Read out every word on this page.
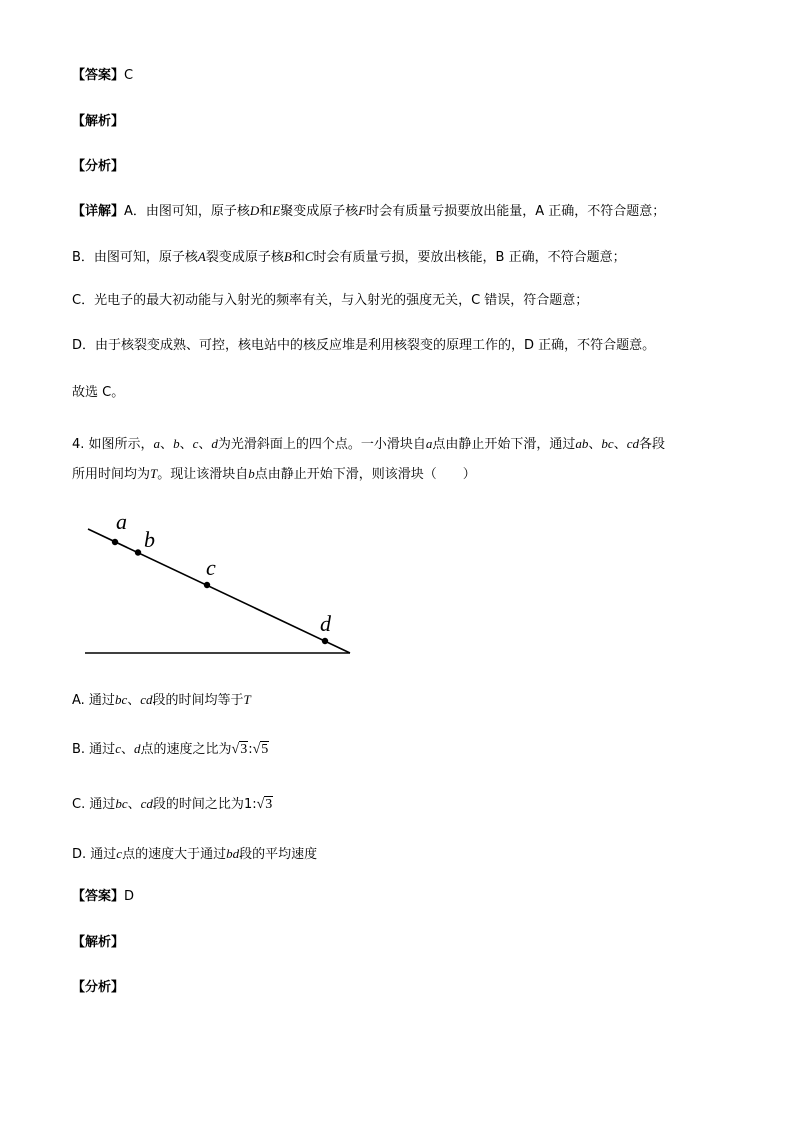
【答案】C
【解析】
【分析】
【详解】A．由图可知，原子核D和E聚变成原子核F时会有质量亏损要放出能量，A 正确，不符合题意；
B．由图可知，原子核A裂变成原子核B和C时会有质量亏损，要放出核能，B 正确，不符合题意；
C．光电子的最大初动能与入射光的频率有关，与入射光的强度无关，C 错误，符合题意；
D．由于核裂变成熟、可控，核电站中的核反应堆是利用核裂变的原理工作的，D 正确，不符合题意。
故选 C。
4. 如图所示，a、b、c、d为光滑斜面上的四个点。一小滑块自a点由静止开始下滑，通过ab、bc、cd各段
所用时间均为T。现让该滑块自b点由静止开始下滑，则该滑块（　　）
a
b
c
d
A. 通过bc、cd段的时间均等于T
B. 通过c、d点的速度之比为√3:√5
C. 通过bc、cd段的时间之比为1:√3
D. 通过c点的速度大于通过bd段的平均速度
【答案】D
【解析】
【分析】
